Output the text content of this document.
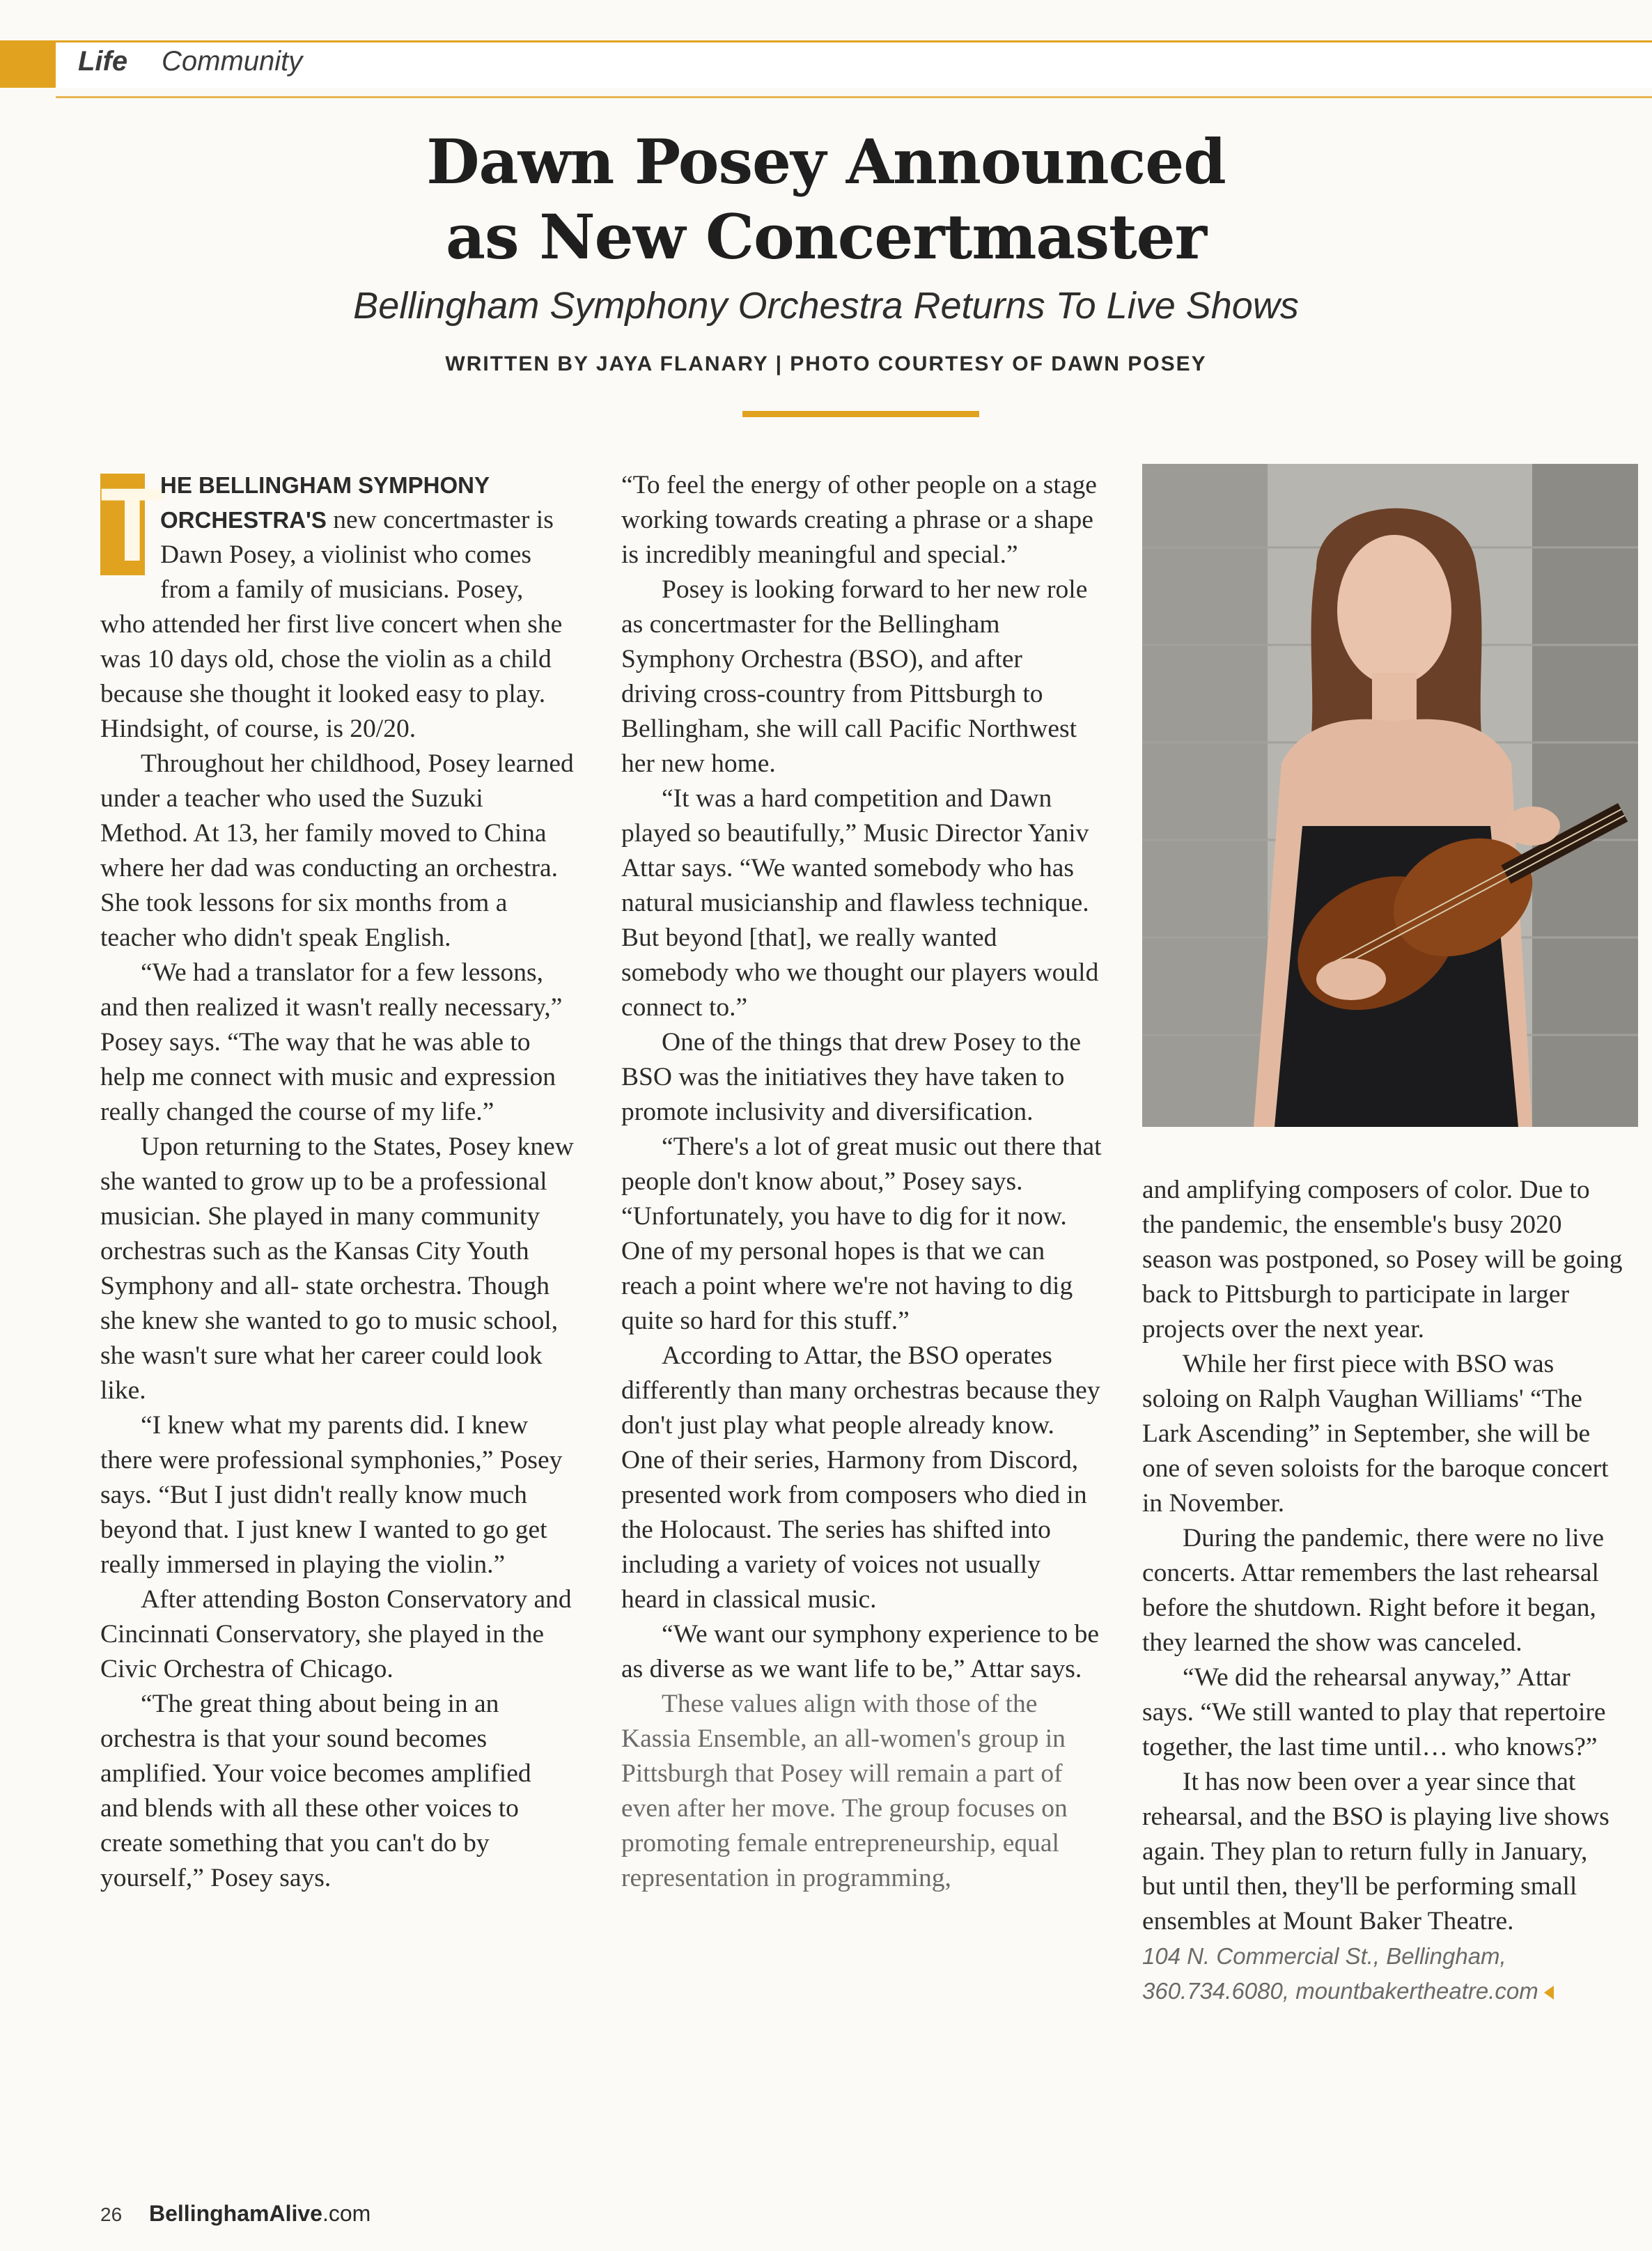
Life Community
Dawn Posey Announced
as New Concertmaster
Bellingham Symphony Orchestra Returns To Live Shows
WRITTEN BY JAYA FLANARY | PHOTO COURTESY OF DAWN POSEY

T
HE BELLINGHAM SYMPHONY ORCHESTRA'S new concertmaster is Dawn Posey, a violinist who comes from a family of musicians. Posey, who attended her first live concert when she was 10 days old, chose the violin as a child because she thought it looked easy to play. Hindsight, of course, is 20/20.

Throughout her childhood, Posey learned under a teacher who used the Suzuki Method. At 13, her family moved to China where her dad was conducting an orchestra. She took lessons for six months from a teacher who didn't speak English.

“We had a translator for a few lessons, and then realized it wasn't really necessary,” Posey says. “The way that he was able to help me connect with music and expression really changed the course of my life.”

Upon returning to the States, Posey knew she wanted to grow up to be a professional musician. She played in many community orchestras such as the Kansas City Youth Symphony and all- state orchestra. Though she knew she wanted to go to music school, she wasn't sure what her career could look like.

“I knew what my parents did. I knew there were professional symphonies,” Posey says. “But I just didn't really know much beyond that. I just knew I wanted to go get really immersed in playing the violin.”

After attending Boston Conservatory and Cincinnati Conservatory, she played in the Civic Orchestra of Chicago.

“The great thing about being in an orchestra is that your sound becomes amplified. Your voice becomes amplified and blends with all these other voices to create something that you can't do by yourself,” Posey says.

“To feel the energy of other people on a stage working towards creating a phrase or a shape is incredibly meaningful and special.”

Posey is looking forward to her new role as concertmaster for the Bellingham Symphony Orchestra (BSO), and after driving cross-country from Pittsburgh to Bellingham, she will call Pacific Northwest her new home.

“It was a hard competition and Dawn played so beautifully,” Music Director Yaniv Attar says. “We wanted somebody who has natural musicianship and flawless technique. But beyond [that], we really wanted somebody who we thought our players would connect to.”

One of the things that drew Posey to the BSO was the initiatives they have taken to promote inclusivity and diversification.

“There's a lot of great music out there that people don't know about,” Posey says. “Unfortunately, you have to dig for it now. One of my personal hopes is that we can reach a point where we're not having to dig quite so hard for this stuff.”

According to Attar, the BSO operates differently than many orchestras because they don't just play what people already know. One of their series, Harmony from Discord, presented work from composers who died in the Holocaust. The series has shifted into including a variety of voices not usually heard in classical music.

“We want our symphony experience to be as diverse as we want life to be,” Attar says.

These values align with those of the Kassia Ensemble, an all-women's group in Pittsburgh that Posey will remain a part of even after her move. The group focuses on promoting female entrepreneurship, equal representation in programming,

and amplifying composers of color. Due to the pandemic, the ensemble's busy 2020 season was postponed, so Posey will be going back to Pittsburgh to participate in larger projects over the next year.

While her first piece with BSO was soloing on Ralph Vaughan Williams' “The Lark Ascending” in September, she will be one of seven soloists for the baroque concert in November.

During the pandemic, there were no live concerts. Attar remembers the last rehearsal before the shutdown. Right before it began, they learned the show was canceled.

“We did the rehearsal anyway,” Attar says. “We still wanted to play that repertoire together, the last time until… who knows?”

It has now been over a year since that rehearsal, and the BSO is playing live shows again. They plan to return fully in January, but until then, they'll be performing small ensembles at Mount Baker Theatre.

104 N. Commercial St., Bellingham,
360.734.6080, mountbakertheatre.com
26 BellinghamAlive.com
